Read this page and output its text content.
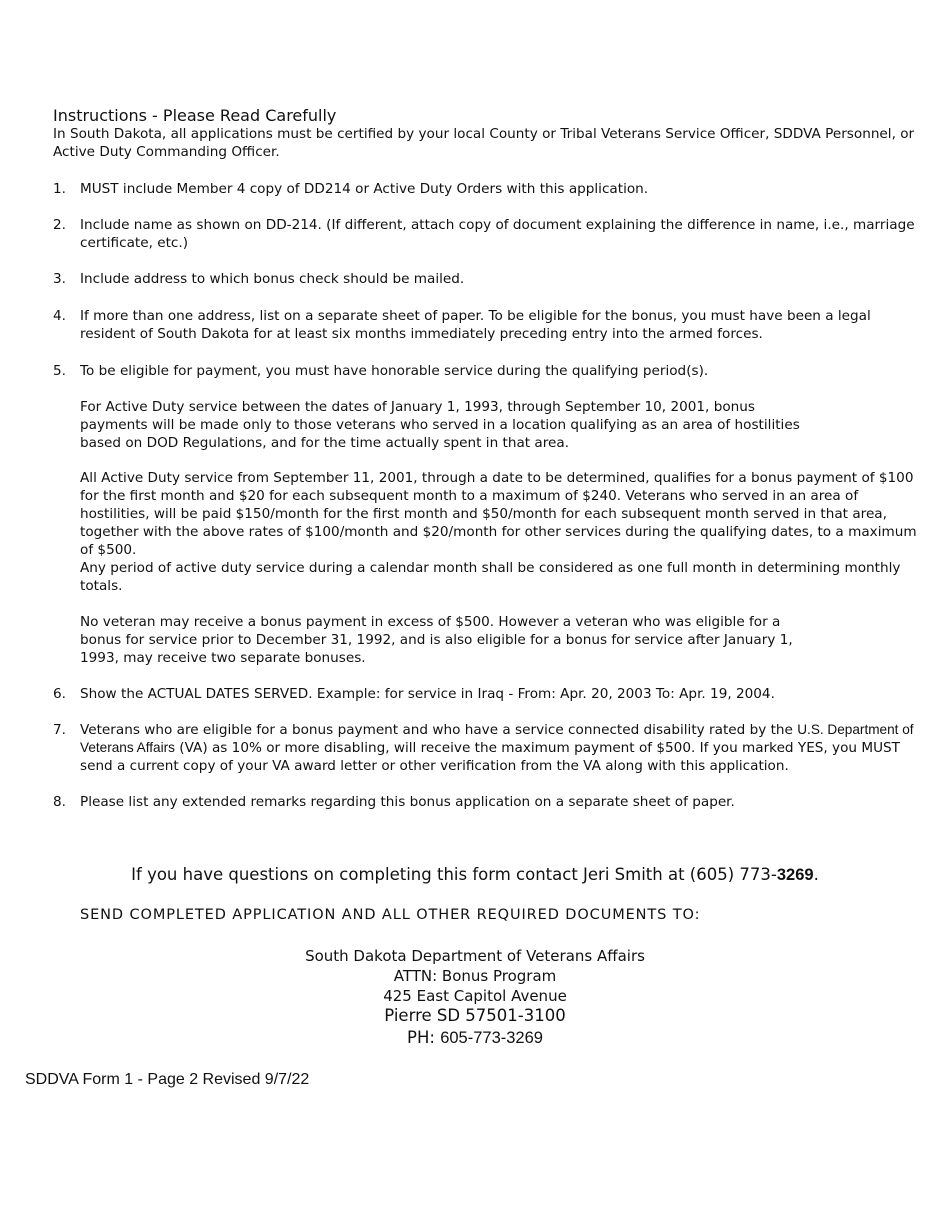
Instructions - Please Read Carefully
In South Dakota, all applications must be certified by your local County or Tribal Veterans Service Officer, SDDVA Personnel, or Active Duty Commanding Officer.
1.	MUST include Member 4 copy of DD214 or Active Duty Orders with this application.
2.	Include name as shown on DD-214. (If different, attach copy of document explaining the difference in name, i.e., marriage certificate, etc.)
3.	Include address to which bonus check should be mailed.
4.	If more than one address, list on a separate sheet of paper. To be eligible for the bonus, you must have been a legal resident of South Dakota for at least six months immediately preceding entry into the armed forces.
5.	To be eligible for payment, you must have honorable service during the qualifying period(s).
For Active Duty service between the dates of January 1, 1993, through September 10, 2001, bonus
payments will be made only to those veterans who served in a location qualifying as an area of hostilities
based on DOD Regulations, and for the time actually spent in that area.
All Active Duty service from September 11, 2001, through a date to be determined, qualifies for a bonus payment of $100 for the first month and $20 for each subsequent month to a maximum of $240. Veterans who served in an area of hostilities, will be paid $150/month for the first month and $50/month for each subsequent month served in that area, together with the above rates of $100/month and $20/month for other services during the qualifying dates, to a maximum of $500.
Any period of active duty service during a calendar month shall be considered as one full month in determining monthly totals.
No veteran may receive a bonus payment in excess of $500. However a veteran who was eligible for a
bonus for service prior to December 31, 1992, and is also eligible for a bonus for service after January 1,
1993, may receive two separate bonuses.
6.	Show the ACTUAL DATES SERVED. Example: for service in Iraq - From: Apr. 20, 2003 To: Apr. 19, 2004.
7.	Veterans who are eligible for a bonus payment and who have a service connected disability rated by the U.S. Department of Veterans Affairs (VA) as 10% or more disabling, will receive the maximum payment of $500. If you marked YES, you MUST send a current copy of your VA award letter or other verification from the VA along with this application.
8.	Please list any extended remarks regarding this bonus application on a separate sheet of paper.
If you have questions on completing this form contact Jeri Smith at (605) 773-3269.
SEND COMPLETED APPLICATION AND ALL OTHER REQUIRED DOCUMENTS TO:
South Dakota Department of Veterans Affairs
ATTN: Bonus Program
425 East Capitol Avenue
Pierre SD 57501-3100
PH: 605-773-3269
SDDVA Form 1 - Page 2 Revised 9/7/22
